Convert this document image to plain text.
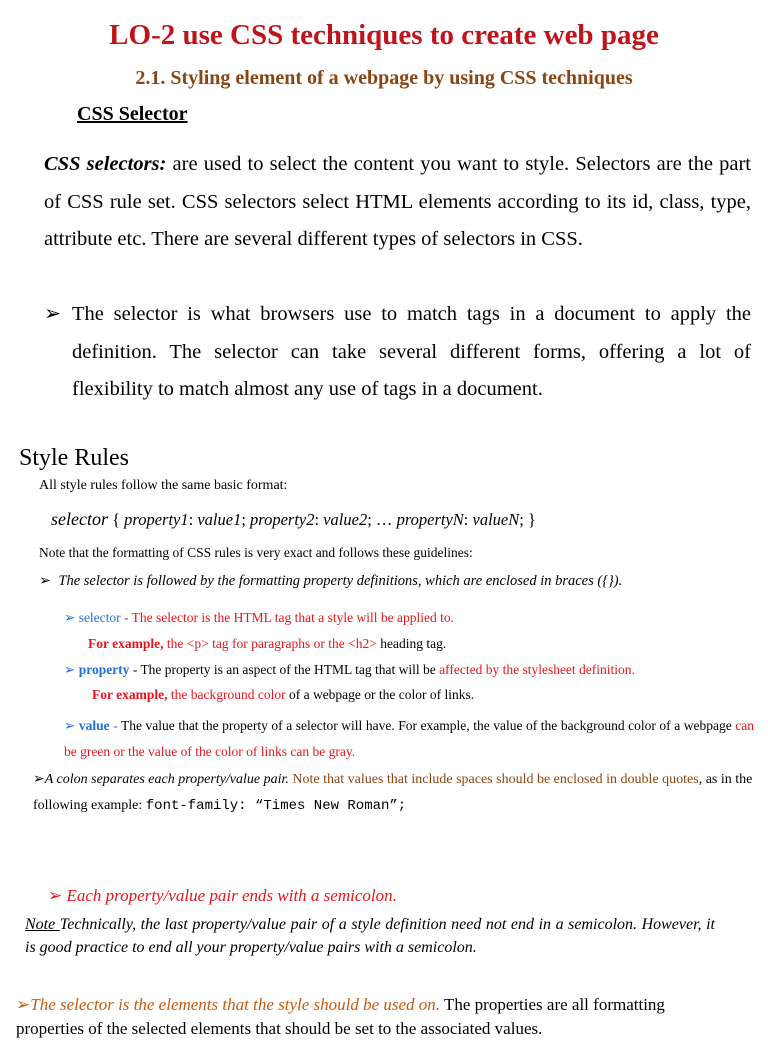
LO-2 use CSS techniques to create web page
2.1. Styling element of a webpage by using CSS techniques
CSS Selector
CSS selectors: are used to select the content you want to style. Selectors are the part of CSS rule set. CSS selectors select HTML elements according to its id, class, type, attribute etc. There are several different types of selectors in CSS.
➢ The selector is what browsers use to match tags in a document to apply the definition. The selector can take several different forms, offering a lot of flexibility to match almost any use of tags in a document.
Style Rules
All style rules follow the same basic format:
selector { property1: value1; property2: value2; … propertyN: valueN; }
Note that the formatting of CSS rules is very exact and follows these guidelines:
➢ The selector is followed by the formatting property definitions, which are enclosed in braces ({}).
➢ selector - The selector is the HTML tag that a style will be applied to.
For example, the <p> tag for paragraphs or the <h2> heading tag.
➢ property - The property is an aspect of the HTML tag that will be affected by the stylesheet definition.
For example, the background color of a webpage or the color of links.
➢ value - The value that the property of a selector will have. For example, the value of the background color of a webpage can be green or the value of the color of links can be gray.
➢A colon separates each property/value pair. Note that values that include spaces should be enclosed in double quotes, as in the following example: font-family: “Times New Roman”;
➢ Each property/value pair ends with a semicolon.
Note Technically, the last property/value pair of a style definition need not end in a semicolon. However, it is good practice to end all your property/value pairs with a semicolon.
➢The selector is the elements that the style should be used on. The properties are all formatting properties of the selected elements that should be set to the associated values.
